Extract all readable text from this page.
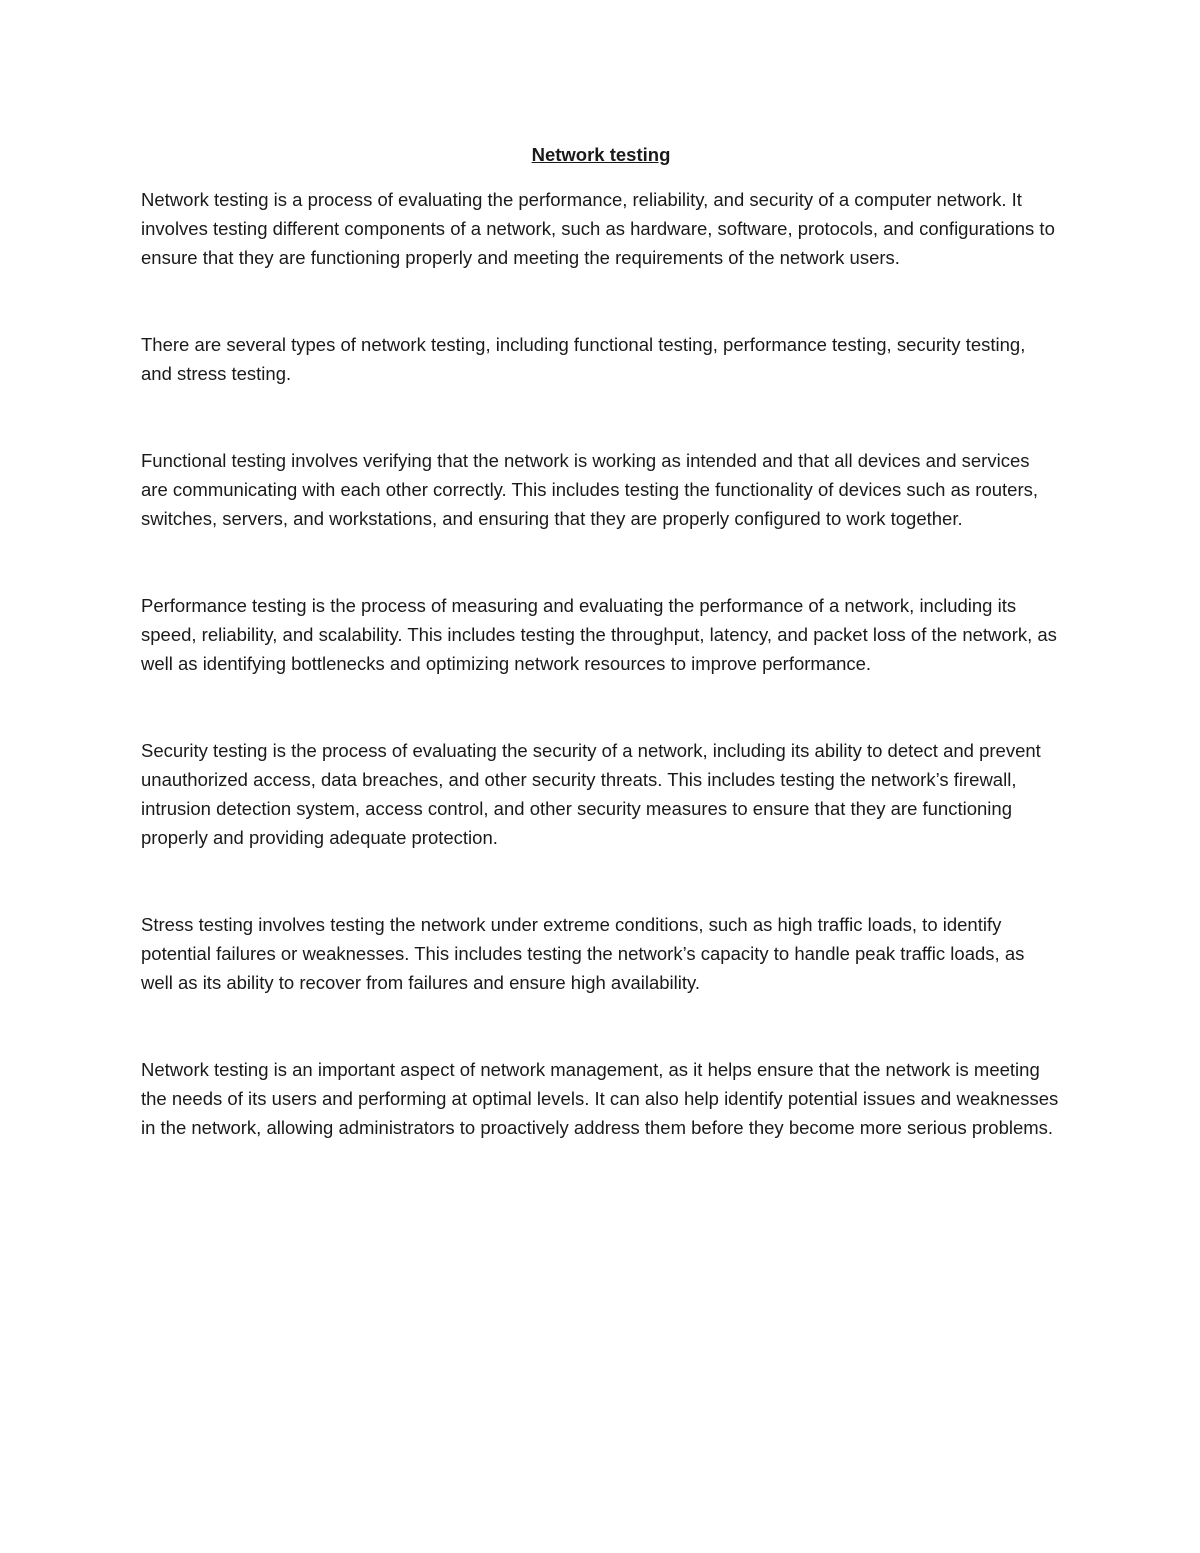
Network testing

Network testing is a process of evaluating the performance, reliability, and security of a computer network. It involves testing different components of a network, such as hardware, software, protocols, and configurations to ensure that they are functioning properly and meeting the requirements of the network users.

There are several types of network testing, including functional testing, performance testing, security testing, and stress testing.

Functional testing involves verifying that the network is working as intended and that all devices and services are communicating with each other correctly. This includes testing the functionality of devices such as routers, switches, servers, and workstations, and ensuring that they are properly configured to work together.

Performance testing is the process of measuring and evaluating the performance of a network, including its speed, reliability, and scalability. This includes testing the throughput, latency, and packet loss of the network, as well as identifying bottlenecks and optimizing network resources to improve performance.

Security testing is the process of evaluating the security of a network, including its ability to detect and prevent unauthorized access, data breaches, and other security threats. This includes testing the network’s firewall, intrusion detection system, access control, and other security measures to ensure that they are functioning properly and providing adequate protection.

Stress testing involves testing the network under extreme conditions, such as high traffic loads, to identify potential failures or weaknesses. This includes testing the network’s capacity to handle peak traffic loads, as well as its ability to recover from failures and ensure high availability.

Network testing is an important aspect of network management, as it helps ensure that the network is meeting the needs of its users and performing at optimal levels. It can also help identify potential issues and weaknesses in the network, allowing administrators to proactively address them before they become more serious problems.
